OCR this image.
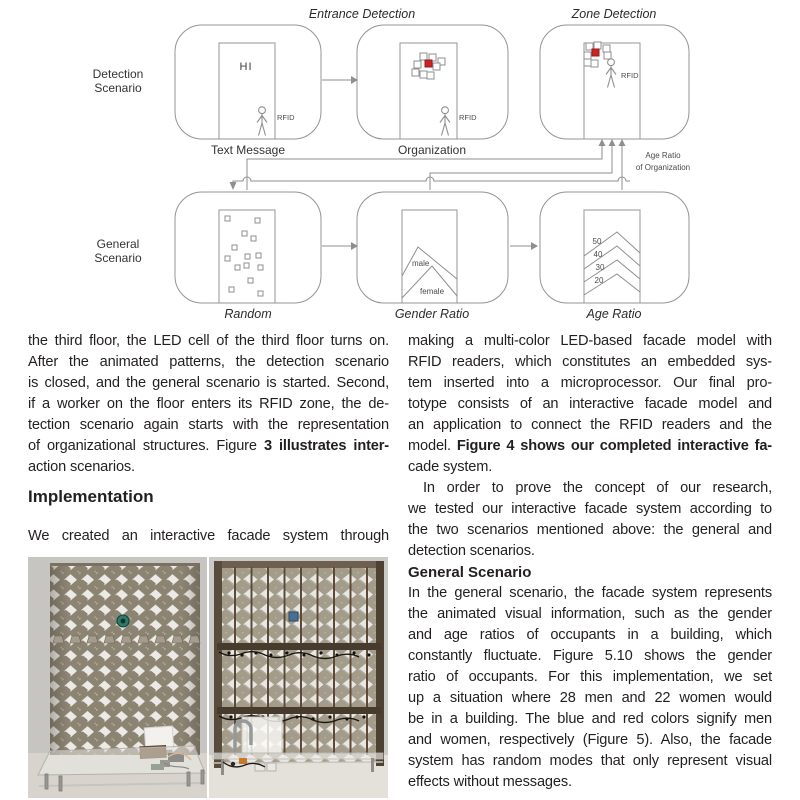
Entrance Detection	Zone Detection
Detection
Scenario
General
Scenario
HI
RFID	RFID
RFID
Text Message	Organization
male
female
50
40
30
20
Random	Gender Ratio	Age Ratio
Age Ratio
of Organization
the third floor, the LED cell of the third floor turns on.
After the animated patterns, the detection scenario
is closed, and the general scenario is started. Second,
if a worker on the floor enters its RFID zone, the de-
tection scenario again starts with the representation
of organizational structures. Figure 3 illustrates inter-
action scenarios.
Implementation
We created an interactive facade system through
making a multi-color LED-based facade model with
RFID readers, which constitutes an embedded sys-
tem inserted into a microprocessor. Our final pro-
totype consists of an interactive facade model and
an application to connect the RFID readers and the
model. Figure 4 shows our completed interactive fa-
cade system.
In order to prove the concept of our research,
we tested our interactive facade system according to
the two scenarios mentioned above: the general and
detection scenarios.
General Scenario
In the general scenario, the facade system represents
the animated visual information, such as the gender
and age ratios of occupants in a building, which
constantly fluctuate. Figure 5.10 shows the gender
ratio of occupants. For this implementation, we set
up a situation where 28 men and 22 women would
be in a building. The blue and red colors signify men
and women, respectively (Figure 5). Also, the facade
system has random modes that only represent visual
effects without messages.
